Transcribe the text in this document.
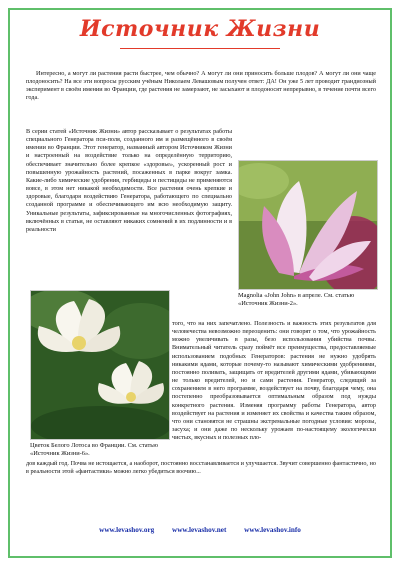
Источник Жизни

Интересно, а могут ли растения расти быстрее, чем обычно? А могут ли они приносить больше плодов? А могут ли они чаще плодоносить? На все эти вопросы русским учёным Николаем Левашовым получен ответ: ДА! Он уже 5 лет проводит грандиозный эксперимент в своём имении во Франции, где растения не замерзают, не засыхают и плодоносят непрерывно, в течение почти всего года.

В серии статей «Источник Жизни» автор рассказывает о результатах работы специального Генератора пси-поля, созданного им и размещённого в своём имении во Франции. Этот генератор, названный автором Источником Жизни и настроенный на воздействие только на определённую территорию, обеспечивает значительно более крепкое «здоровье», ускоренный рост и повышенную урожайность растений, посаженных в парке вокруг замка. Какие-либо химические удобрения, гербициды и пестициды не применяются вовсе, в этом нет никакой необходимости. Все растения очень крепкие и здоровые, благодаря воздействию Генератора, работающего по специально созданной программе и обеспечивающего им всю необходимую защиту. Уникальные результаты, зафиксированные на многочисленных фотографиях, включённых в статьи, не оставляют никаких сомнений в их подлинности и в реальности

Magnolia «John John» в апреле. См. статью «Источник Жизни-2».
Цветок Белого Лотоса во Франции. См. статью «Источник Жизни-6».

того, что на них запечатлено. Полезность и важность этих результатов для человечества невозможно переоценить: они говорят о том, что урожайность можно увеличивать в разы, безо использования убийства почвы. Внимательный читатель сразу поймёт все преимущества, предоставляемые использованием подобных Генераторов: растения не нужно удобрять никакими ядами, которые почему-то называют химическими удобрениями, постоянно поливать, защищать от вредителей другими ядами, убивающими не только вредителей, но и сами растения. Генератор, следящий за сохранением в него программе, воздействует на почву, благодаря чему, она постепенно преобразовывается оптимальным образом под нужды конкретного растения. Изменяя программу работы Генератора, автор воздействует на растения и изменяет их свойства и качества таким образом, что они становятся не страшны экстремальные погодные условия: морозы, засуха; и они даже по нескольку урожаев по-настоящему экологически чистых, вкусных и полезных пло-

дов каждый год. Почва не истощается, а наоборот, постоянно восстанавливается и улучшается. Звучит совершенно фантастично, но в реальности этой «фантастики» можно легко убедиться воочию...

www.levashov.org www.levashov.net www.levashov.info
